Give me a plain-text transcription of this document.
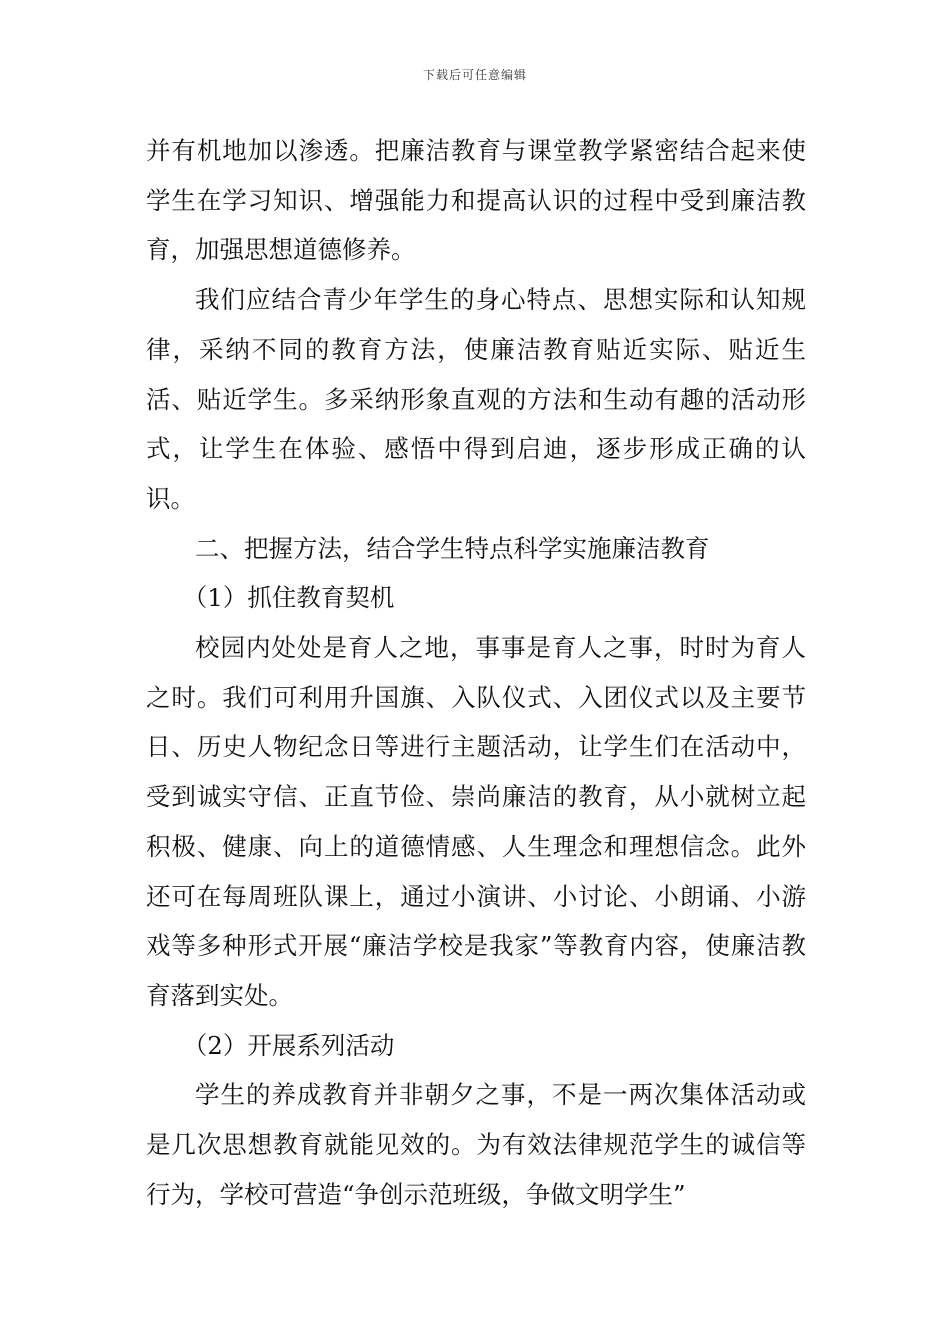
下载后可任意编辑

并有机地加以渗透。把廉洁教育与课堂教学紧密结合起来使学生在学习知识、增强能力和提高认识的过程中受到廉洁教育，加强思想道德修养。

我们应结合青少年学生的身心特点、思想实际和认知规律，采纳不同的教育方法，使廉洁教育贴近实际、贴近生活、贴近学生。多采纳形象直观的方法和生动有趣的活动形式，让学生在体验、感悟中得到启迪，逐步形成正确的认识。

二、把握方法，结合学生特点科学实施廉洁教育

（1）抓住教育契机

校园内处处是育人之地，事事是育人之事，时时为育人之时。我们可利用升国旗、入队仪式、入团仪式以及主要节日、历史人物纪念日等进行主题活动，让学生们在活动中，受到诚实守信、正直节俭、崇尚廉洁的教育，从小就树立起积极、健康、向上的道德情感、人生理念和理想信念。此外还可在每周班队课上，通过小演讲、小讨论、小朗诵、小游戏等多种形式开展“廉洁学校是我家”等教育内容，使廉洁教育落到实处。

（2）开展系列活动

学生的养成教育并非朝夕之事，不是一两次集体活动或是几次思想教育就能见效的。为有效法律规范学生的诚信等行为，学校可营造“争创示范班级，争做文明学生”
